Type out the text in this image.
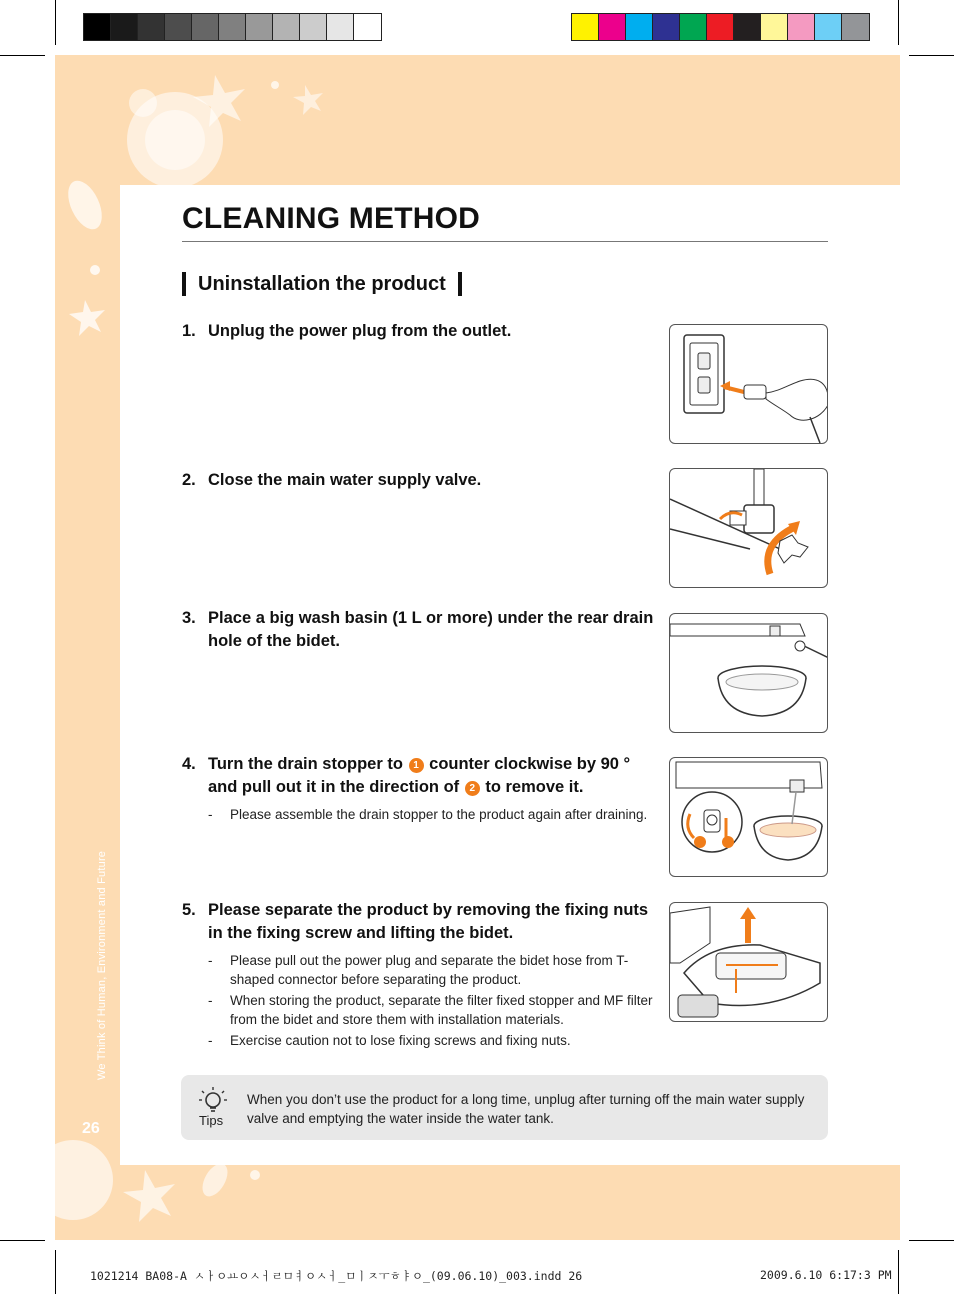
We Think of Human, Environment and Future
26
CLEANING METHOD
Uninstallation the product
1. Unplug the power plug from the outlet.
2. Close the main water supply valve.
3. Place a big wash basin (1 L or more) under the rear drain hole of the bidet.
4. Turn the drain stopper to 1 counter clockwise by 90 ° and pull out it in the direction of 2 to remove it.
-	Please assemble the drain stopper to the product again after draining.
5. Please separate the product by removing the fixing nuts in the fixing screw and lifting the bidet.
-	Please pull out the power plug and separate the bidet hose from T-shaped connector before separating the product.
-	When storing the product, separate the filter fixed stopper and MF filter from the bidet and store them with installation materials.
-	Exercise caution not to lose fixing screws and fixing nuts.
Tips
When you don’t use the product for a long time, unplug after turning off the main water supply valve and emptying the water inside the water tank.
1021214 BA08-A ㅅㅏㅇㅛㅇㅅㅓㄹㅁㅕㅇㅅㅓ_ㅁㅣㅈㅜㅎㅑㅇ_(09.06.10)_003.indd 26	2009.6.10 6:17:3 PM
